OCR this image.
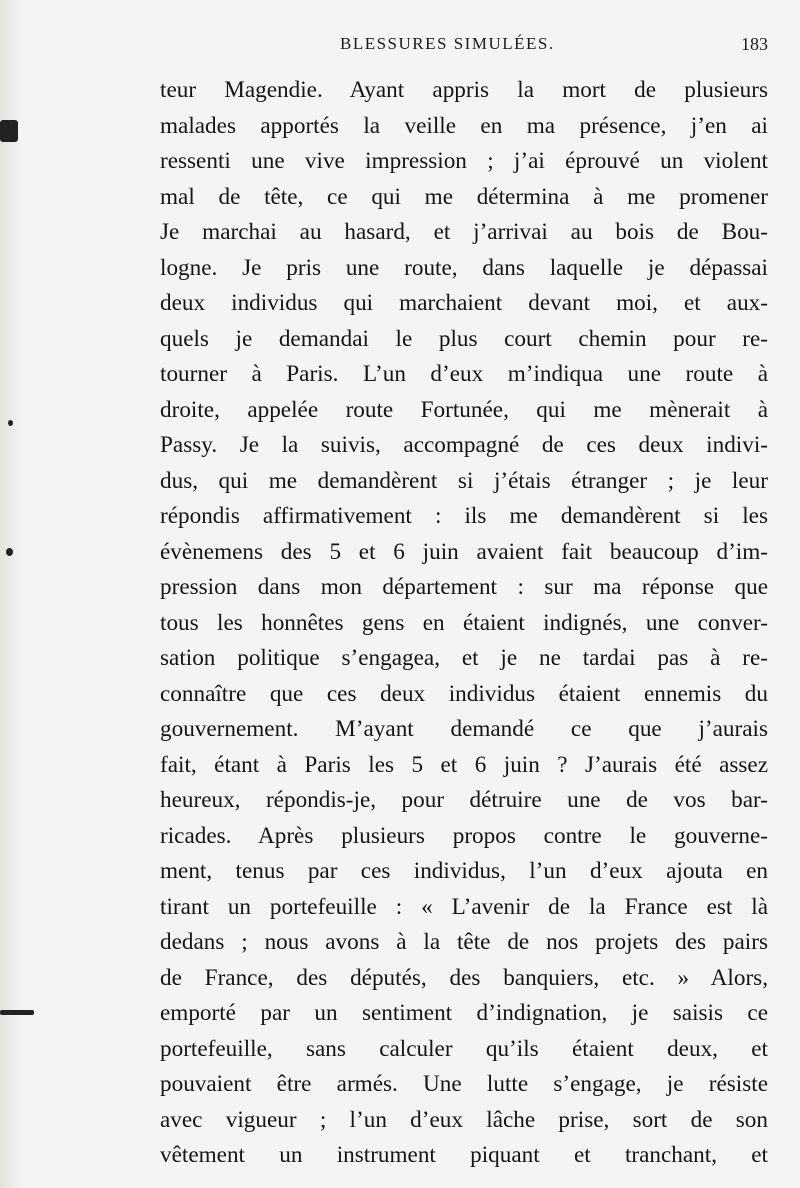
BLESSURES SIMULÉES.	183
teur Magendie. Ayant appris la mort de plusieurs
malades apportés la veille en ma présence, j’en ai
ressenti une vive impression ; j’ai éprouvé un violent
mal de tête, ce qui me détermina à me promener
Je marchai au hasard, et j’arrivai au bois de Bou-
logne. Je pris une route, dans laquelle je dépassai
deux individus qui marchaient devant moi, et aux-
quels je demandai le plus court chemin pour re-
tourner à Paris. L’un d’eux m’indiqua une route à
droite, appelée route Fortunée, qui me mènerait à
Passy. Je la suivis, accompagné de ces deux indivi-
dus, qui me demandèrent si j’étais étranger ; je leur
répondis affirmativement : ils me demandèrent si les
évènemens des 5 et 6 juin avaient fait beaucoup d’im-
pression dans mon département : sur ma réponse que
tous les honnêtes gens en étaient indignés, une conver-
sation politique s’engagea, et je ne tardai pas à re-
connaître que ces deux individus étaient ennemis du
gouvernement. M’ayant demandé ce que j’aurais
fait, étant à Paris les 5 et 6 juin ? J’aurais été assez
heureux, répondis-je, pour détruire une de vos bar-
ricades. Après plusieurs propos contre le gouverne-
ment, tenus par ces individus, l’un d’eux ajouta en
tirant un portefeuille : « L’avenir de la France est là
dedans ; nous avons à la tête de nos projets des pairs
de France, des députés, des banquiers, etc. » Alors,
emporté par un sentiment d’indignation, je saisis ce
portefeuille, sans calculer qu’ils étaient deux, et
pouvaient être armés. Une lutte s’engage, je résiste
avec vigueur ; l’un d’eux lâche prise, sort de son
vêtement un instrument piquant et tranchant, et
